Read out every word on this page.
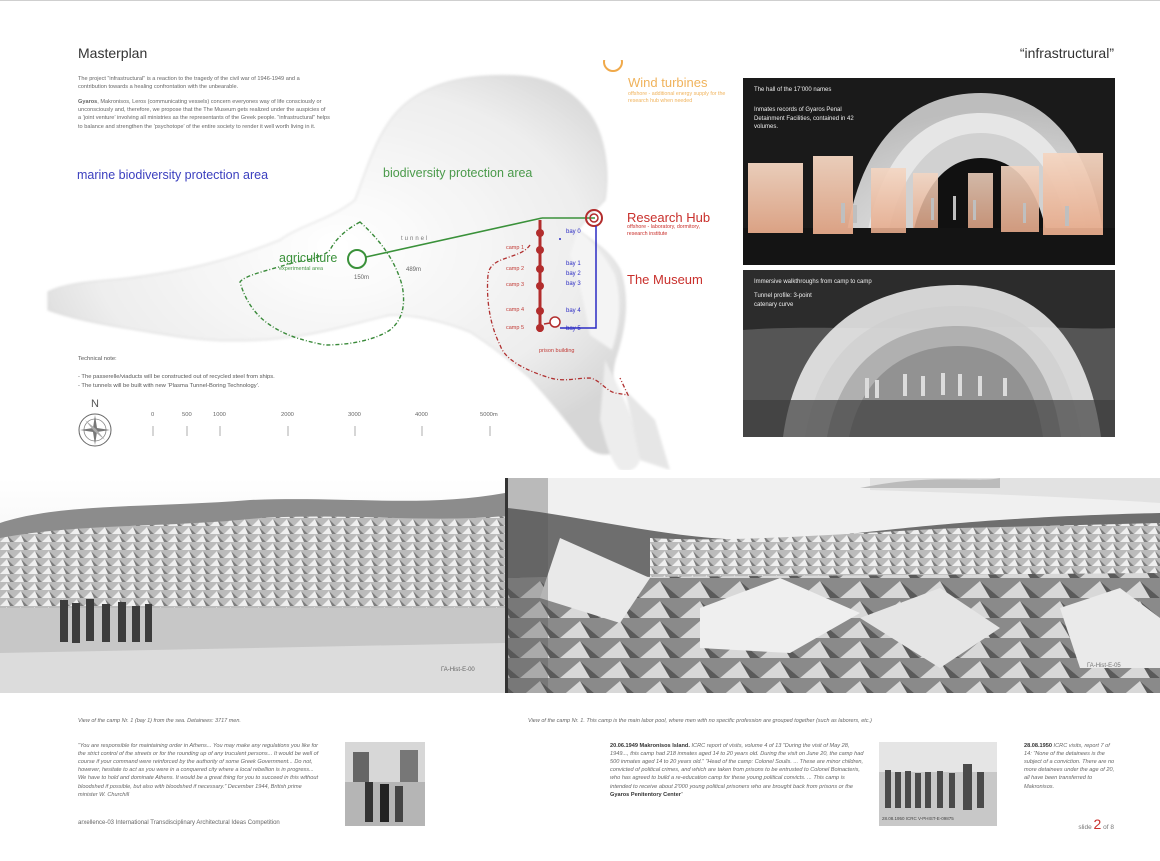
Masterplan	“infrastructural”

The project “infrastructural” is a reaction to the tragedy of the civil war of 1946-1949 and a contribution towards a healing confrontation with the unbearable.

Gyaros, Makronisos, Leros (communicating vessels) concern everyones way of life consciously or unconsciously and, therefore, we propose that the The Museum gets realized under the auspicies of a ‘joint venture’ involving all ministries as the representants of the Greek people. “infrastructural” helps to balance and strengthen the ‘psychotope’ of the entire society to render it well worth living in it.

marine biodiversity protection area	biodiversity protection area
agriculture
experimental area
150m
489m
tunnel
Wind turbines
offshore - additional energy supply for the research hub when needed
Research Hub
offshore - laboratory, dormitory, research institute
The Museum
camp 1
camp 2
camp 3
camp 4
camp 5
bay 0
bay 1
bay 2
bay 3
bay 4
bay 5
prison building
Technical note:
- The passerelle/viaducts will be constructed out of recycled steel from ships.
- The tunnels will be built with new ‘Plasma Tunnel-Boring Technology’.
N
0	500	1000	2000	3000	4000	5000m
The hall of the 17’000 names
Inmates records of Gyaros Penal Detainment Facilities, contained in 42 volumes.
Immersive walkthroughs from camp to camp
Tunnel profile: 3-point catenary curve
ΓΑ-Hist-E-00
ΓΑ-Hist-E-05
View of the camp Nr. 1 (bay 1) from the sea. Detainees: 3717 men.	View of the camp Nr. 1. This camp is the main labor pool, where men with no specific profession are grouped together (such as laborers, etc.)
“You are responsible for maintaining order in Athens... You may make any regulations you like for the strict control of the streets or for the rounding up of any truculent persons... It would be well of course if your command were reinforced by the authority of some Greek Government... Do not, however, hesitate to act as you were in a conquered city where a local rebellion is in progress... We have to hold and dominate Athens. It would be a great thing for you to succeed in this without bloodshed if possible, but also with bloodshed if necessary.” December 1944, British prime minister W. Churchill
20.06.1949 Makronisos Island. ICRC report of visits, volume 4 of 13 “During the visit of May 28, 1949..., this camp had 218 inmates aged 14 to 20 years old. During the visit on June 20, the camp had 500 inmates aged 14 to 20 years old.” “Head of the camp: Colonel Soulis. ... These are minor children, convicted of political crimes, and which are taken from prisons to be entrusted to Colonel Boinacteris, who has agreed to build a re-education camp for these young political convicts. ... This camp is intended to receive about 2'000 young political prisoners who are brought back from prisons or the Gyaros Penitentory Center”
28.08.1950 ICRC V-PHIST-E-09875
28.08.1950 ICRC visits, report 7 of 14: “None of the detainees is the subject of a conviction. There are no more detainees under the age of 20, all have been transferred to Makronisos.
arxellence-03 International Transdisciplinary Architectural Ideas Competition
slide 2 of 8
